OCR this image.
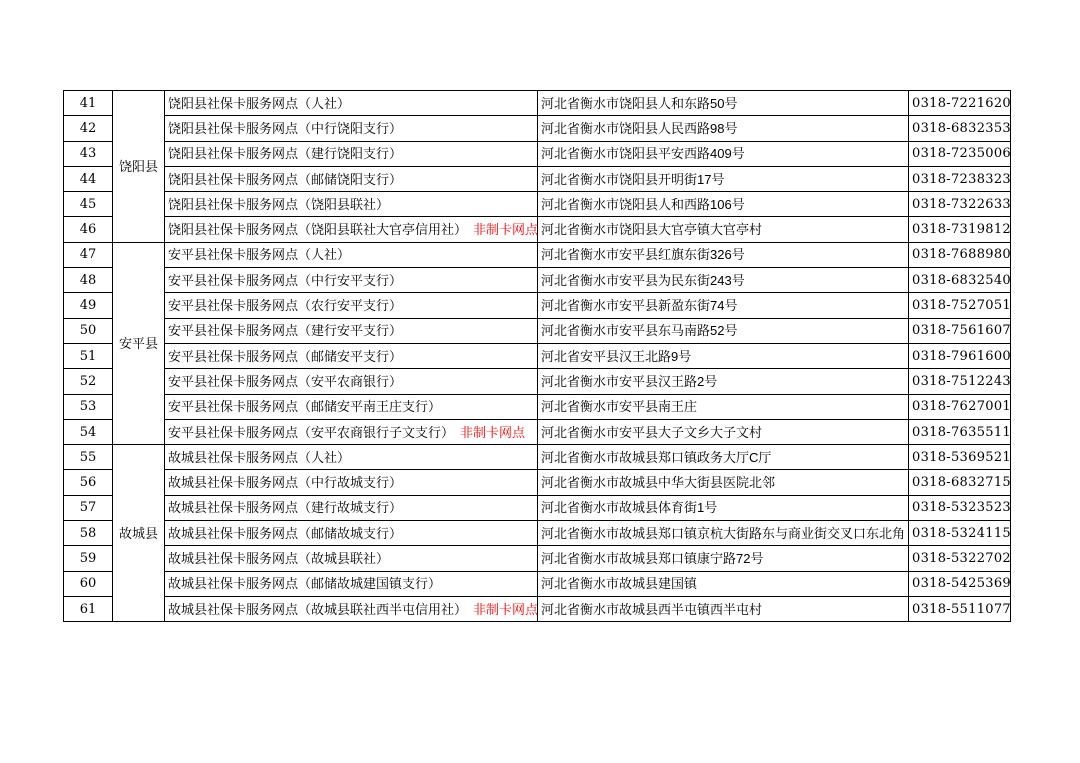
41	饶阳县	饶阳县社保卡服务网点（人社）	河北省衡水市饶阳县人和东路50号	0318-7221620
42		饶阳县社保卡服务网点（中行饶阳支行）	河北省衡水市饶阳县人民西路98号	0318-6832353
43		饶阳县社保卡服务网点（建行饶阳支行）	河北省衡水市饶阳县平安西路409号	0318-7235006
44		饶阳县社保卡服务网点（邮储饶阳支行）	河北省衡水市饶阳县开明街17号	0318-7238323
45		饶阳县社保卡服务网点（饶阳县联社）	河北省衡水市饶阳县人和西路106号	0318-7322633
46		饶阳县社保卡服务网点（饶阳县联社大官亭信用社） 非制卡网点	河北省衡水市饶阳县大官亭镇大官亭村	0318-7319812
47	安平县	安平县社保卡服务网点（人社）	河北省衡水市安平县红旗东街326号	0318-7688980
48		安平县社保卡服务网点（中行安平支行）	河北省衡水市安平县为民东街243号	0318-6832540
49		安平县社保卡服务网点（农行安平支行）	河北省衡水市安平县新盈东街74号	0318-7527051
50		安平县社保卡服务网点（建行安平支行）	河北省衡水市安平县东马南路52号	0318-7561607
51		安平县社保卡服务网点（邮储安平支行）	河北省安平县汉王北路9号	0318-7961600
52		安平县社保卡服务网点（安平农商银行）	河北省衡水市安平县汉王路2号	0318-7512243
53		安平县社保卡服务网点（邮储安平南王庄支行）	河北省衡水市安平县南王庄	0318-7627001
54		安平县社保卡服务网点（安平农商银行子文支行） 非制卡网点	河北省衡水市安平县大子文乡大子文村	0318-7635511
55	故城县	故城县社保卡服务网点（人社）	河北省衡水市故城县郑口镇政务大厅C厅	0318-5369521
56		故城县社保卡服务网点（中行故城支行）	河北省衡水市故城县中华大街县医院北邻	0318-6832715
57		故城县社保卡服务网点（建行故城支行）	河北省衡水市故城县体育街1号	0318-5323523
58		故城县社保卡服务网点（邮储故城支行）	河北省衡水市故城县郑口镇京杭大街路东与商业街交叉口东北角	0318-5324115
59		故城县社保卡服务网点（故城县联社）	河北省衡水市故城县郑口镇康宁路72号	0318-5322702
60		故城县社保卡服务网点（邮储故城建国镇支行）	河北省衡水市故城县建国镇	0318-5425369
61		故城县社保卡服务网点（故城县联社西半屯信用社） 非制卡网点	河北省衡水市故城县西半屯镇西半屯村	0318-5511077
